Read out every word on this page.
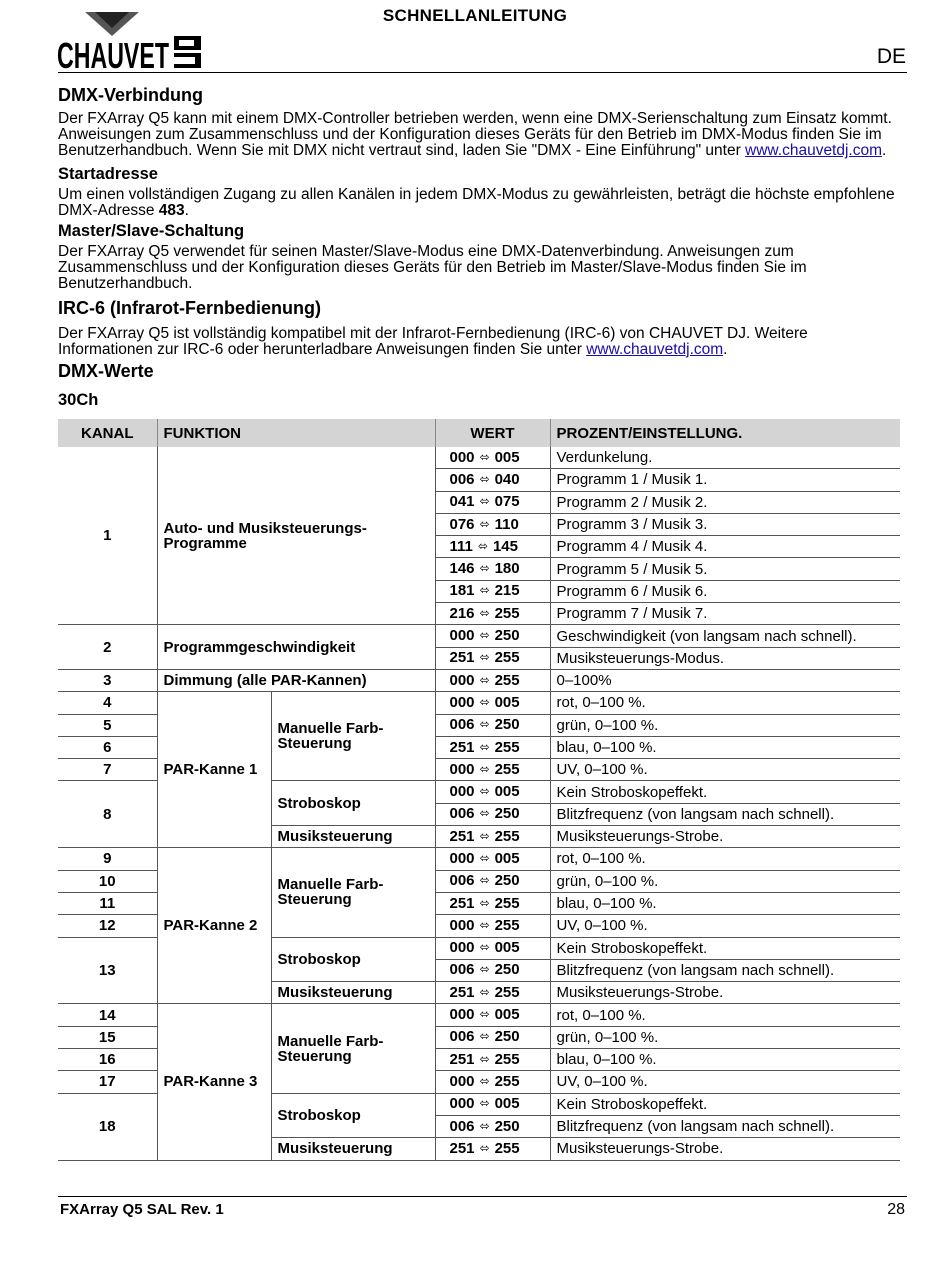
SCHNELLANLEITUNG
CHAUVET	DE
DMX-Verbindung

Der FXArray Q5 kann mit einem DMX-Controller betrieben werden, wenn eine DMX-Serienschaltung zum Einsatz kommt. Anweisungen zum Zusammenschluss und der Konfiguration dieses Geräts für den Betrieb im DMX-Modus finden Sie im Benutzerhandbuch. Wenn Sie mit DMX nicht vertraut sind, laden Sie "DMX - Eine Einführung" unter www.chauvetdj.com.

Startadresse

Um einen vollständigen Zugang zu allen Kanälen in jedem DMX-Modus zu gewährleisten, beträgt die höchste empfohlene DMX-Adresse 483.

Master/Slave-Schaltung

Der FXArray Q5 verwendet für seinen Master/Slave-Modus eine DMX-Datenverbindung. Anweisungen zum Zusammenschluss und der Konfiguration dieses Geräts für den Betrieb im Master/Slave-Modus finden Sie im Benutzerhandbuch.

IRC-6 (Infrarot-Fernbedienung)

Der FXArray Q5 ist vollständig kompatibel mit der Infrarot-Fernbedienung (IRC-6) von CHAUVET DJ. Weitere Informationen zur IRC-6 oder herunterladbare Anweisungen finden Sie unter www.chauvetdj.com.

DMX-Werte
30Ch
KANAL	FUNKTION		WERT	PROZENT/EINSTELLUNG.
1	Auto- und Musiksteuerungs-Programme		000 ⬄ 005	Verdunkelung.
			006 ⬄ 040	Programm 1 / Musik 1.
			041 ⬄ 075	Programm 2 / Musik 2.
			076 ⬄ 110	Programm 3 / Musik 3.
			111 ⬄ 145	Programm 4 / Musik 4.
			146 ⬄ 180	Programm 5 / Musik 5.
			181 ⬄ 215	Programm 6 / Musik 6.
			216 ⬄ 255	Programm 7 / Musik 7.
2	Programmgeschwindigkeit		000 ⬄ 250	Geschwindigkeit (von langsam nach schnell).
			251 ⬄ 255	Musiksteuerungs-Modus.
3	Dimmung (alle PAR-Kannen)		000 ⬄ 255	0–100%
4	PAR-Kanne 1	Manuelle Farb-Steuerung	000 ⬄ 005	rot, 0–100 %.
5			006 ⬄ 250	grün, 0–100 %.
6			251 ⬄ 255	blau, 0–100 %.
7			000 ⬄ 255	UV, 0–100 %.
8		Stroboskop	000 ⬄ 005	Kein Stroboskopeffekt.
			006 ⬄ 250	Blitzfrequenz (von langsam nach schnell).
		Musiksteuerung	251 ⬄ 255	Musiksteuerungs-Strobe.
9	PAR-Kanne 2	Manuelle Farb-Steuerung	000 ⬄ 005	rot, 0–100 %.
10			006 ⬄ 250	grün, 0–100 %.
11			251 ⬄ 255	blau, 0–100 %.
12			000 ⬄ 255	UV, 0–100 %.
13		Stroboskop	000 ⬄ 005	Kein Stroboskopeffekt.
			006 ⬄ 250	Blitzfrequenz (von langsam nach schnell).
		Musiksteuerung	251 ⬄ 255	Musiksteuerungs-Strobe.
14	PAR-Kanne 3	Manuelle Farb-Steuerung	000 ⬄ 005	rot, 0–100 %.
15			006 ⬄ 250	grün, 0–100 %.
16			251 ⬄ 255	blau, 0–100 %.
17			000 ⬄ 255	UV, 0–100 %.
18		Stroboskop	000 ⬄ 005	Kein Stroboskopeffekt.
			006 ⬄ 250	Blitzfrequenz (von langsam nach schnell).
		Musiksteuerung	251 ⬄ 255	Musiksteuerungs-Strobe.
FXArray Q5 SAL Rev. 1	28
